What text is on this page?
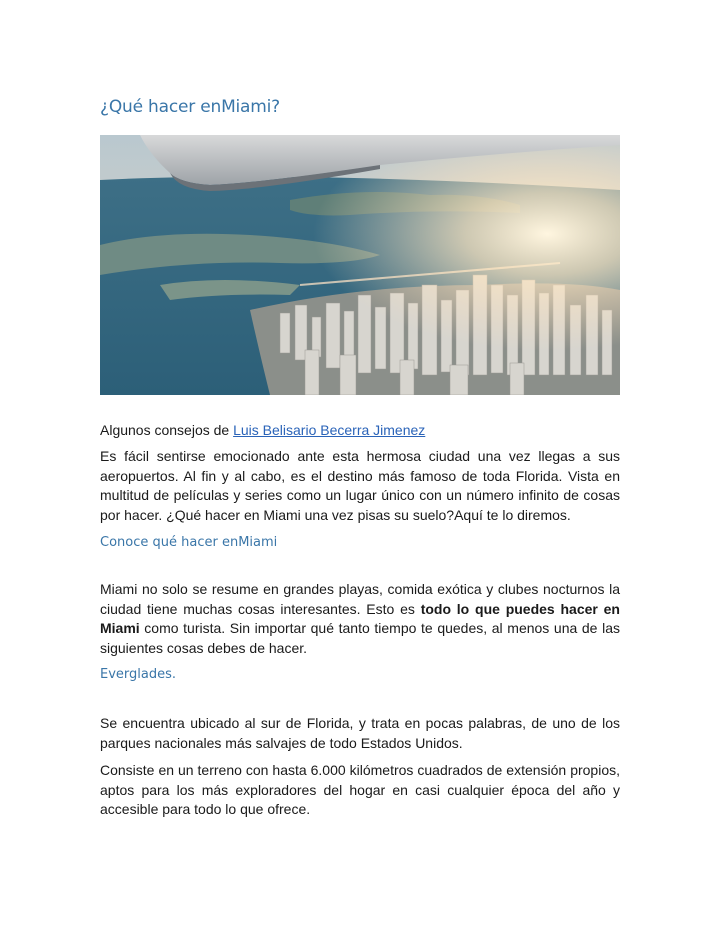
¿Qué hacer enMiami?
Algunos consejos de Luis Belisario Becerra Jimenez

Es fácil sentirse emocionado ante esta hermosa ciudad una vez llegas a sus aeropuertos. Al fin y al cabo, es el destino más famoso de toda Florida. Vista en multitud de películas y series como un lugar único con un número infinito de cosas por hacer. ¿Qué hacer en Miami una vez pisas su suelo?Aquí te lo diremos.

Conoce qué hacer enMiami

Miami no solo se resume en grandes playas, comida exótica y clubes nocturnos la ciudad tiene muchas cosas interesantes. Esto es todo lo que puedes hacer en Miami como turista. Sin importar qué tanto tiempo te quedes, al menos una de las siguientes cosas debes de hacer.

Everglades.

Se encuentra ubicado al sur de Florida, y trata en pocas palabras, de uno de los parques nacionales más salvajes de todo Estados Unidos.

Consiste en un terreno con hasta 6.000 kilómetros cuadrados de extensión propios, aptos para los más exploradores del hogar en casi cualquier época del año y accesible para todo lo que ofrece.
